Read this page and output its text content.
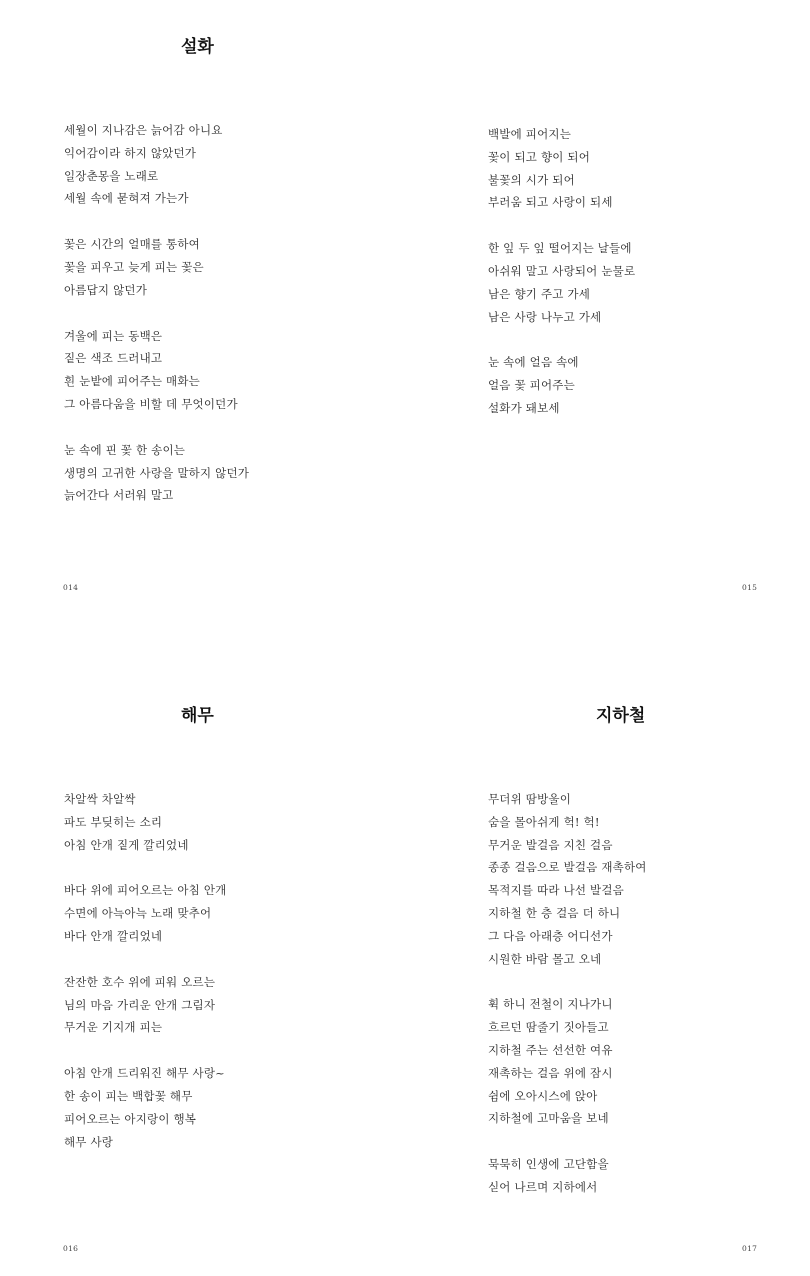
설화
세월이 지나감은 늙어감 아니요
익어감이라 하지 않았던가
일장춘몽을 노래로
세월 속에 묻혀져 가는가
꽃은 시간의 얼매를 통하여
꽃을 피우고 늦게 피는 꽃은
아름답지 않던가
겨울에 피는 동백은
짙은 색조 드러내고
흰 눈밭에 피어주는 매화는
그 아름다움을 비할 데 무엇이던가
눈 속에 핀 꽃 한 송이는
생명의 고귀한 사랑을 말하지 않던가
늙어간다 서러워 말고
014
백발에 피어지는
꽃이 되고 향이 되어
불꽃의 시가 되어
부러움 되고 사랑이 되세
한 잎 두 잎 떨어지는 날들에
아쉬워 말고 사랑되어 눈물로
남은 향기 주고 가세
남은 사랑 나누고 가세
눈 속에 얼음 속에
얼음 꽃 피어주는
설화가 돼보세
015
해무
차알싹 차알싹
파도 부딪히는 소리
아침 안개 짙게 깔리었네
바다 위에 피어오르는 아침 안개
수면에 아늑아늑 노래 맞추어
바다 안개 깔리었네
잔잔한 호수 위에 피워 오르는
님의 마음 가리운 안개 그림자
무거운 기지개 피는
아침 안개 드리워진 해무 사랑~
한 송이 피는 백합꽃 해무
피어오르는 아지랑이 행복
해무 사랑
016
지하철
무더위 땀방울이
숨을 몰아쉬게 헉! 헉!
무거운 발걸음 지친 걸음
종종 걸음으로 발걸음 재촉하여
목적지를 따라 나선 발걸음
지하철 한 층 걸음 더 하니
그 다음 아래층 어디선가
시원한 바람 몰고 오네
휙 하니 전철이 지나가니
흐르던 땀줄기 짓아들고
지하철 주는 선선한 여유
재촉하는 걸음 위에 잠시
쉼에 오아시스에 앉아
지하철에 고마움을 보네
묵묵히 인생에 고단함을
싣어 나르며 지하에서
017
